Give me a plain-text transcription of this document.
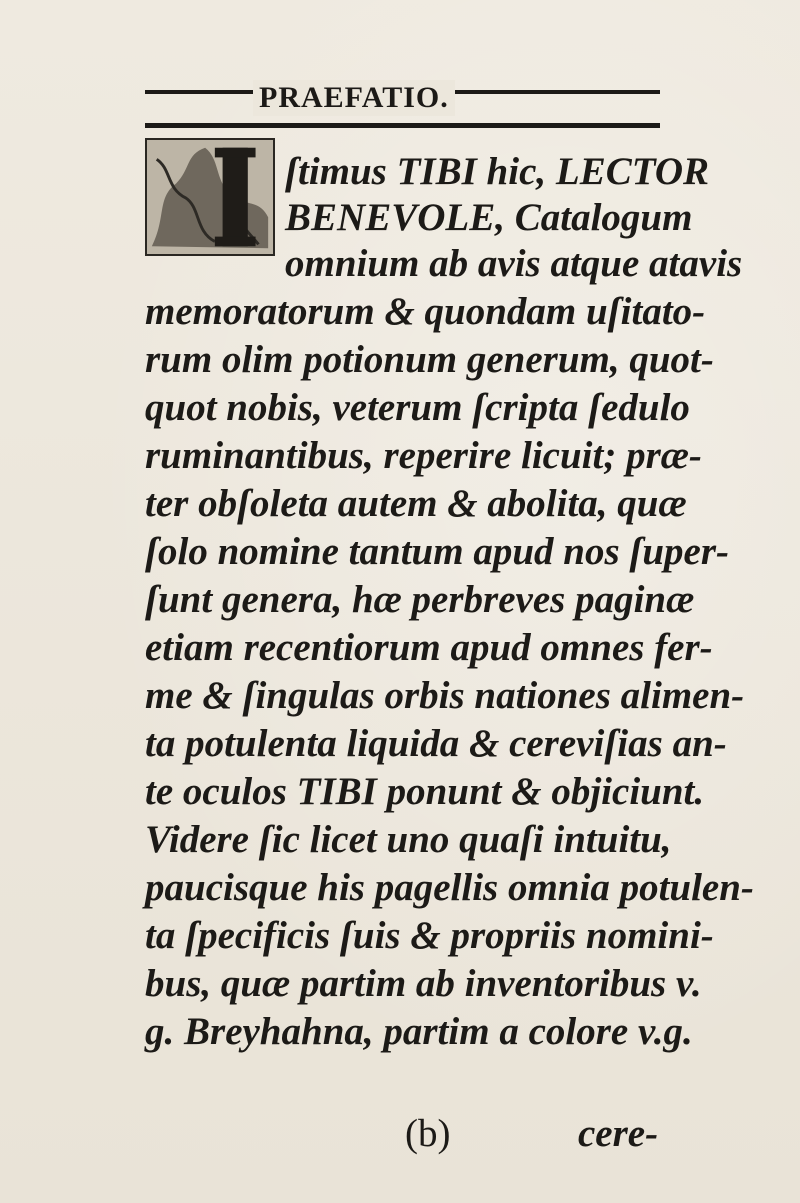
PRAEFATIO.
ſtimus TIBI hic, LECTOR
BENEVOLE, Catalogum
omnium ab avis atque atavis
memoratorum & quondam uſitato-
rum olim potionum generum, quot-
quot nobis, veterum ſcripta ſedulo
ruminantibus, reperire licuit; præ-
ter obſoleta autem & abolita, quæ
ſolo nomine tantum apud nos ſuper-
ſunt genera, hæ perbreves paginæ
etiam recentiorum apud omnes fer-
me & ſingulas orbis nationes alimen-
ta potulenta liquida & cereviſias an-
te oculos TIBI ponunt & objiciunt.
Videre ſic licet uno quaſi intuitu,
paucisque his pagellis omnia potulen-
ta ſpecificis ſuis & propriis nomini-
bus, quæ partim ab inventoribus v.
g. Breyhahna, partim a colore v.g.
(b)	cere-
